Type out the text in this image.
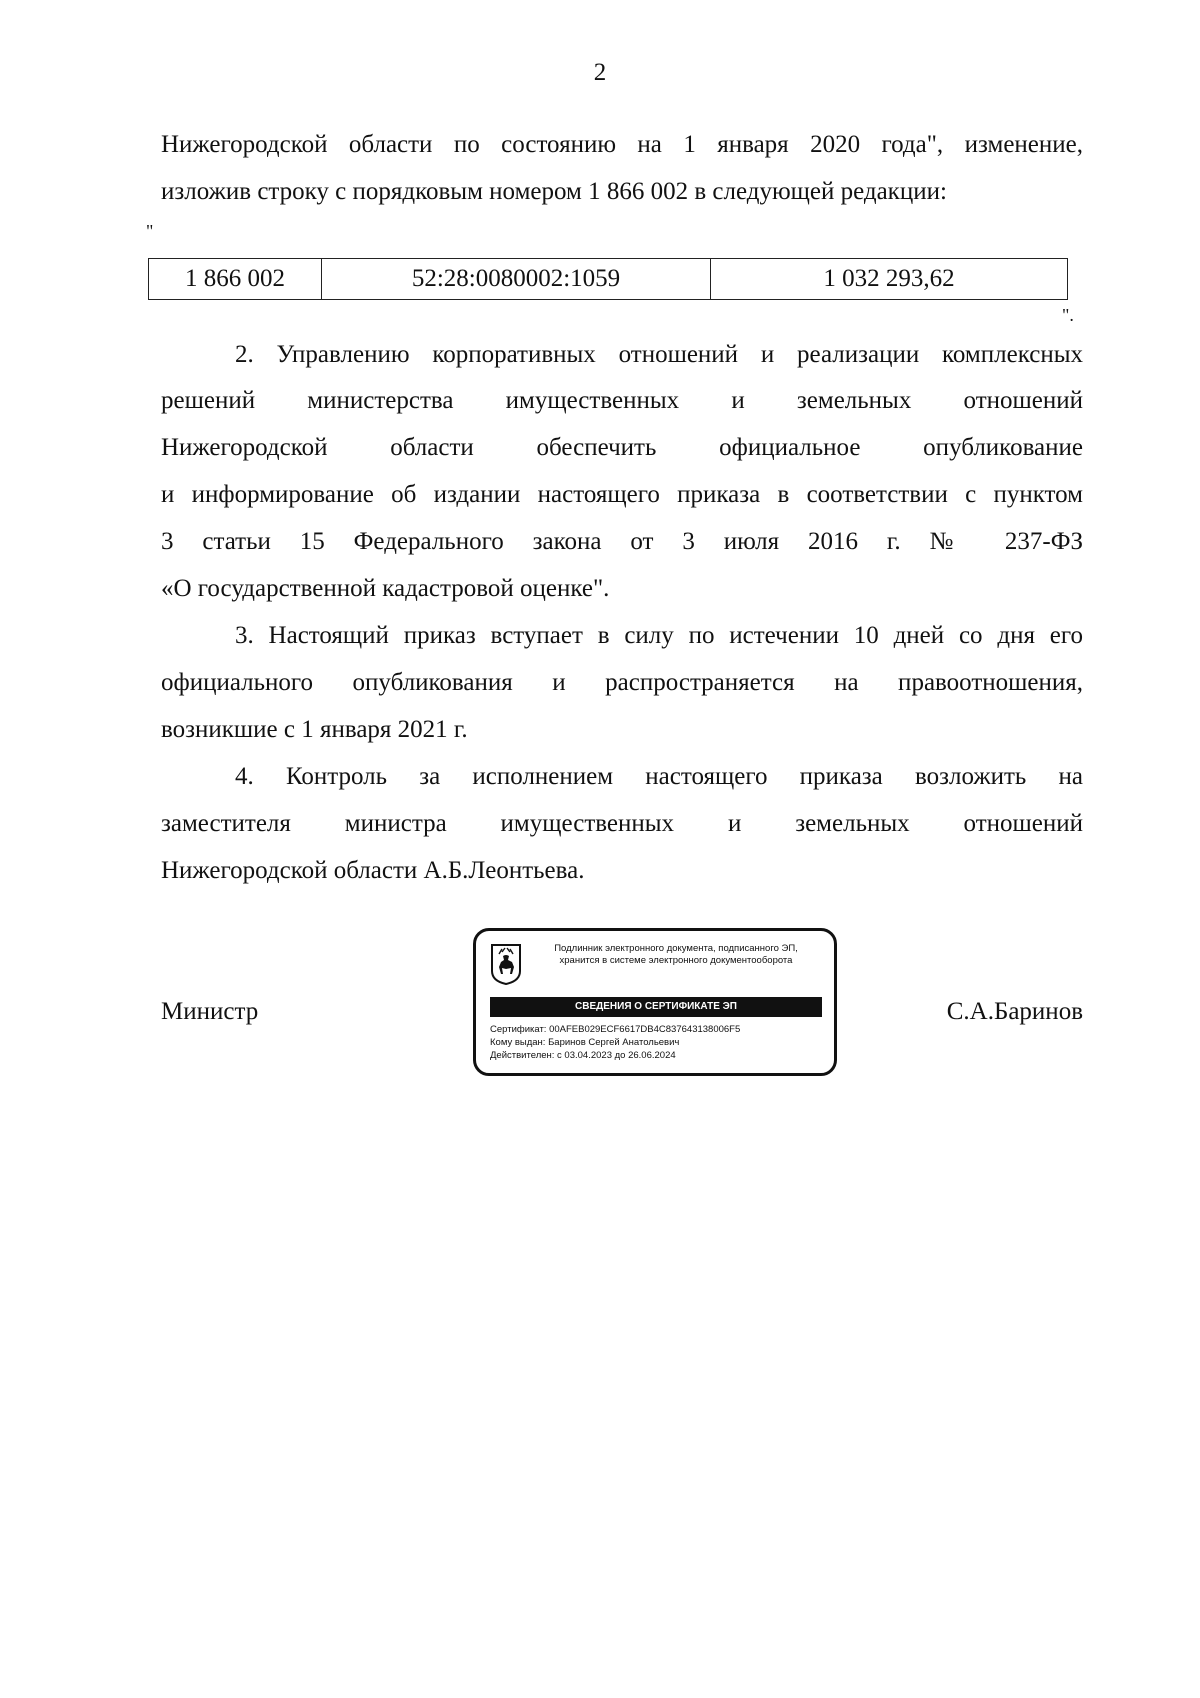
2
Нижегородской области по состоянию на 1 января 2020 года", изменение,
изложив строку с порядковым номером 1 866 002 в следующей редакции:
"
1 866 002	52:28:0080002:1059	1 032 293,62
".
2. Управлению корпоративных отношений и реализации комплексных
решений министерства имущественных и земельных отношений
Нижегородской области обеспечить официальное опубликование
и информирование об издании настоящего приказа в соответствии с пунктом
3 статьи 15 Федерального закона от 3 июля 2016 г. № 237-ФЗ
«О государственной кадастровой оценке".
3. Настоящий приказ вступает в силу по истечении 10 дней со дня его
официального опубликования и распространяется на правоотношения,
возникшие с 1 января 2021 г.
4. Контроль за исполнением настоящего приказа возложить на
заместителя министра имущественных и земельных отношений
Нижегородской области А.Б.Леонтьева.
Министр	С.А.Баринов
Подлинник электронного документа, подписанного ЭП,
хранится в системе электронного документооборота
СВЕДЕНИЯ О СЕРТИФИКАТЕ ЭП
Сертификат: 00AFEB029ECF6617DB4C837643138006F5
Кому выдан: Баринов Сергей Анатольевич
Действителен: с 03.04.2023 до 26.06.2024
